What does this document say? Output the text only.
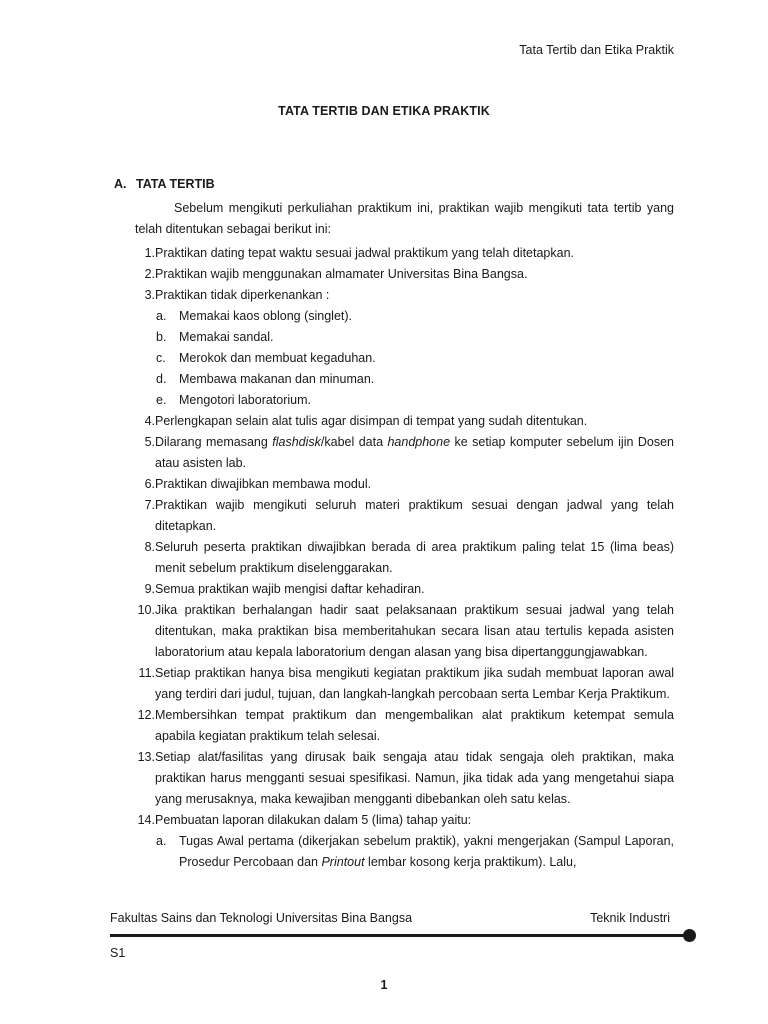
Tata Tertib dan Etika Praktik
TATA TERTIB DAN ETIKA PRAKTIK
A. TATA TERTIB
Sebelum mengikuti perkuliahan praktikum ini, praktikan wajib mengikuti tata tertib yang telah ditentukan sebagai berikut ini:
1. Praktikan dating tepat waktu sesuai jadwal praktikum yang telah ditetapkan.
2. Praktikan wajib menggunakan almamater Universitas Bina Bangsa.
3. Praktikan tidak diperkenankan :
a.	Memakai kaos oblong (singlet).
b.	Memakai sandal.
c.	Merokok dan membuat kegaduhan.
d.	Membawa makanan dan minuman.
e.	Mengotori laboratorium.
4. Perlengkapan selain alat tulis agar disimpan di tempat yang sudah ditentukan.
5. Dilarang memasang flashdisk/kabel data handphone ke setiap komputer sebelum ijin Dosen atau asisten lab.
6. Praktikan diwajibkan membawa modul.
7. Praktikan wajib mengikuti seluruh materi praktikum sesuai dengan jadwal yang telah ditetapkan.
8. Seluruh peserta praktikan diwajibkan berada di area praktikum paling telat 15 (lima beas) menit sebelum praktikum diselenggarakan.
9. Semua praktikan wajib mengisi daftar kehadiran.
10. Jika praktikan berhalangan hadir saat pelaksanaan praktikum sesuai jadwal yang telah ditentukan, maka praktikan bisa memberitahukan secara lisan atau tertulis kepada asisten laboratorium atau kepala laboratorium dengan alasan yang bisa dipertanggungjawabkan.
11. Setiap praktikan hanya bisa mengikuti kegiatan praktikum jika sudah membuat laporan awal yang terdiri dari judul, tujuan, dan langkah-langkah percobaan serta Lembar Kerja Praktikum.
12. Membersihkan tempat praktikum dan mengembalikan alat praktikum ketempat semula apabila kegiatan praktikum telah selesai.
13. Setiap alat/fasilitas yang dirusak baik sengaja atau tidak sengaja oleh praktikan, maka praktikan harus mengganti sesuai spesifikasi. Namun, jika tidak ada yang mengetahui siapa yang merusaknya, maka kewajiban mengganti dibebankan oleh satu kelas.
14. Pembuatan laporan dilakukan dalam 5 (lima) tahap yaitu:
a.	Tugas Awal pertama (dikerjakan sebelum praktik), yakni mengerjakan (Sampul Laporan, Prosedur Percobaan dan Printout lembar kosong kerja praktikum). Lalu,
Fakultas Sains dan Teknologi Universitas Bina Bangsa	Teknik Industri
S1
1
